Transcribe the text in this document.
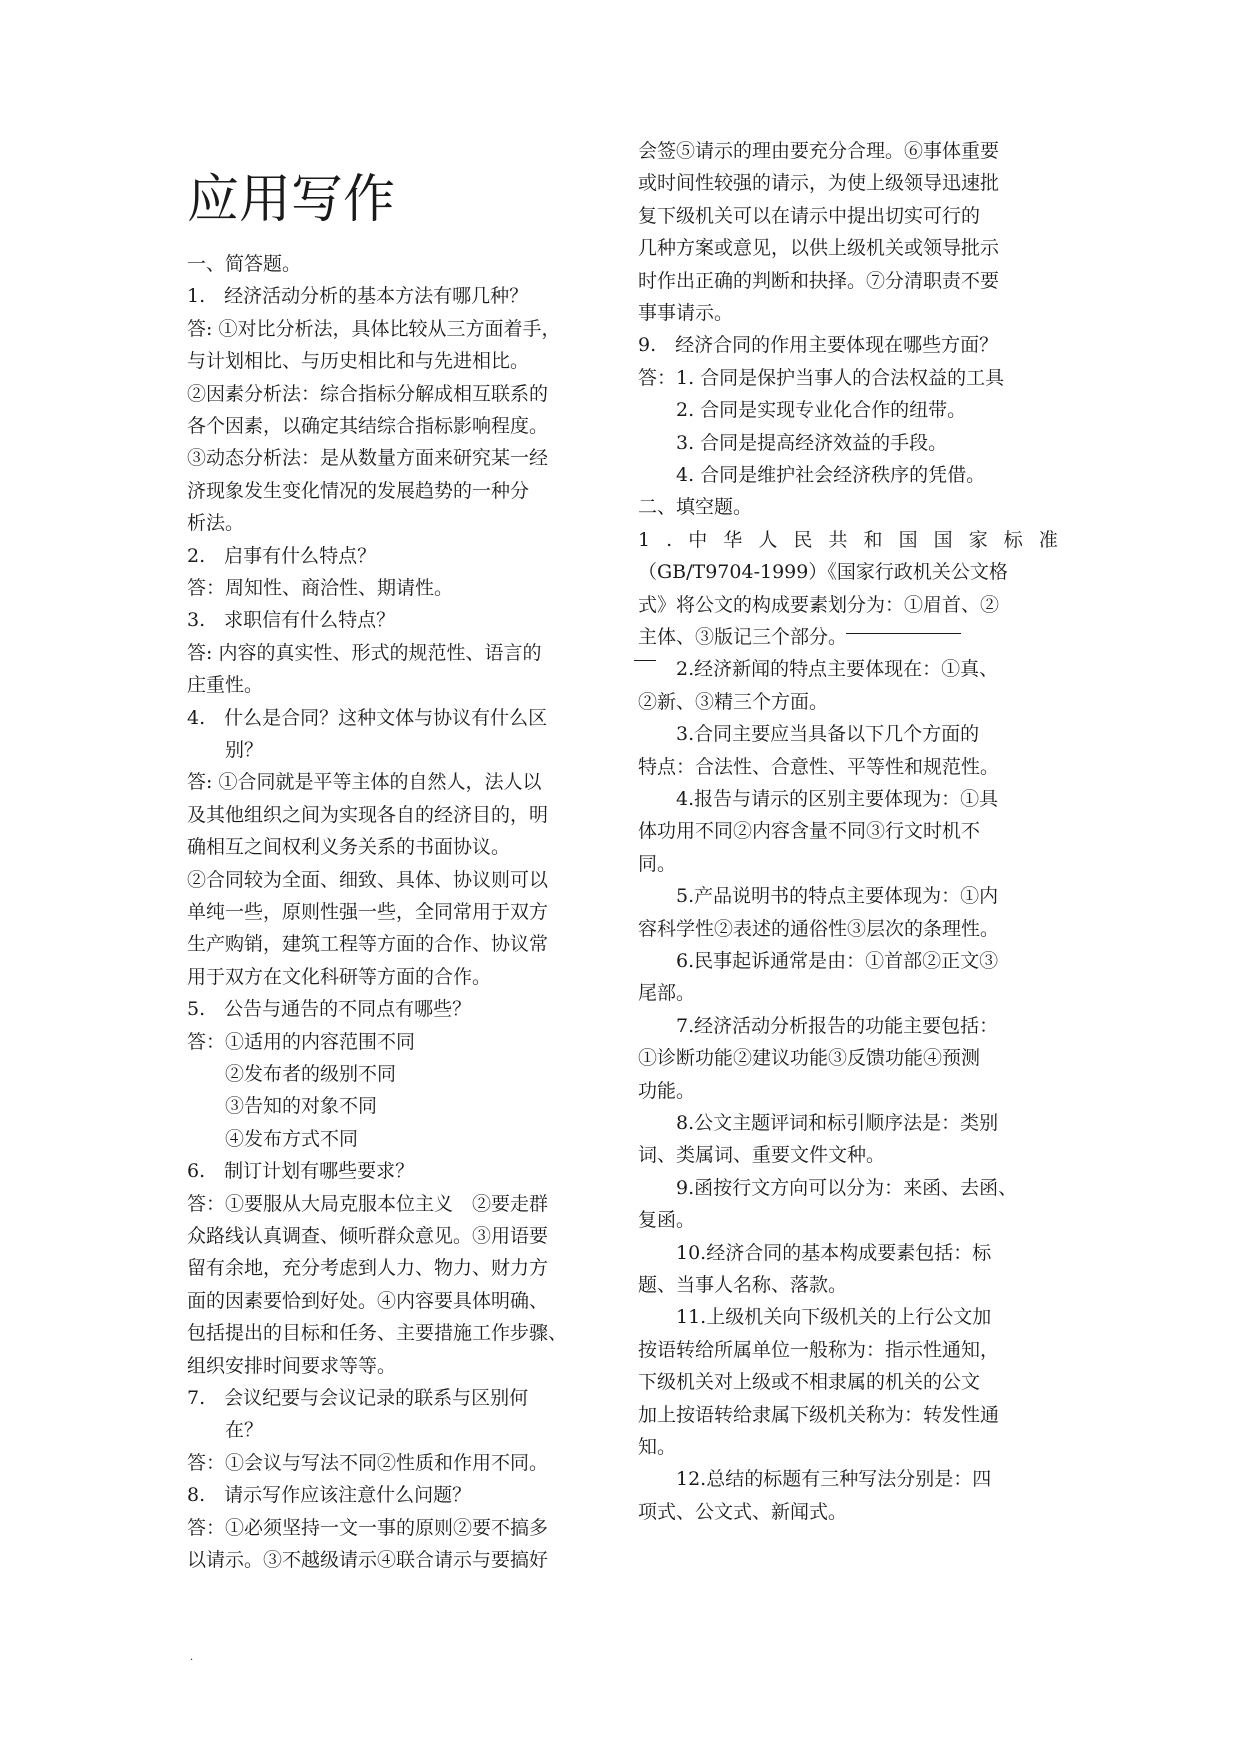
应用写作
一、简答题。
1.　经济活动分析的基本方法有哪几种？
答: ①对比分析法，具体比较从三方面着手，
与计划相比、与历史相比和与先进相比。
②因素分析法：综合指标分解成相互联系的
各个因素，以确定其结综合指标影响程度。
③动态分析法：是从数量方面来研究某一经
济现象发生变化情况的发展趋势的一种分
析法。
2.　启事有什么特点？
答：周知性、商洽性、期请性。
3.　求职信有什么特点？
答: 内容的真实性、形式的规范性、语言的
庄重性。
4.　什么是合同？这种文体与协议有什么区
　　别？
答: ①合同就是平等主体的自然人，法人以
及其他组织之间为实现各自的经济目的，明
确相互之间权利义务关系的书面协议。
②合同较为全面、细致、具体、协议则可以
单纯一些，原则性强一些，全同常用于双方
生产购销，建筑工程等方面的合作、协议常
用于双方在文化科研等方面的合作。
5.　公告与通告的不同点有哪些？
答：①适用的内容范围不同
　　②发布者的级别不同
　　③告知的对象不同
　　④发布方式不同
6.　制订计划有哪些要求？
答：①要服从大局克服本位主义　②要走群
众路线认真调查、倾听群众意见。③用语要
留有余地，充分考虑到人力、物力、财力方
面的因素要恰到好处。④内容要具体明确、
包括提出的目标和任务、主要措施工作步骤、
组织安排时间要求等等。
7.　会议纪要与会议记录的联系与区别何
　　在？
答：①会议与写法不同②性质和作用不同。
8.　请示写作应该注意什么问题？
答：①必须坚持一文一事的原则②要不搞多
以请示。③不越级请示④联合请示与要搞好
会签⑤请示的理由要充分合理。⑥事体重要
或时间性较强的请示，为使上级领导迅速批
复下级机关可以在请示中提出切实可行的
几种方案或意见，以供上级机关或领导批示
时作出正确的判断和抉择。⑦分清职责不要
事事请示。
9.　经济合同的作用主要体现在哪些方面？
答：1. 合同是保护当事人的合法权益的工具
　　2. 合同是实现专业化合作的纽带。
　　3. 合同是提高经济效益的手段。
　　4. 合同是维护社会经济秩序的凭借。
二、填空题。
1 . 中 华 人 民 共 和 国 国 家 标 准
（GB/T9704-1999）《国家行政机关公文格
式》将公文的构成要素划分为：①眉首、②
主体、③版记三个部分。
　　2.经济新闻的特点主要体现在：①真、
②新、③精三个方面。
　　3.合同主要应当具备以下几个方面的
特点：合法性、合意性、平等性和规范性。
　　4.报告与请示的区别主要体现为：①具
体功用不同②内容含量不同③行文时机不
同。
　　5.产品说明书的特点主要体现为：①内
容科学性②表述的通俗性③层次的条理性。
　　6.民事起诉通常是由：①首部②正文③
尾部。
　　7.经济活动分析报告的功能主要包括：
①诊断功能②建议功能③反馈功能④预测
功能。
　　8.公文主题评词和标引顺序法是：类别
词、类属词、重要文件文种。
　　9.函按行文方向可以分为：来函、去函、
复函。
　　10.经济合同的基本构成要素包括：标
题、当事人名称、落款。
　　11.上级机关向下级机关的上行公文加
按语转给所属单位一般称为：指示性通知，
下级机关对上级或不相隶属的机关的公文
加上按语转给隶属下级机关称为：转发性通
知。
　　12.总结的标题有三种写法分别是：四
项式、公文式、新闻式。
.
